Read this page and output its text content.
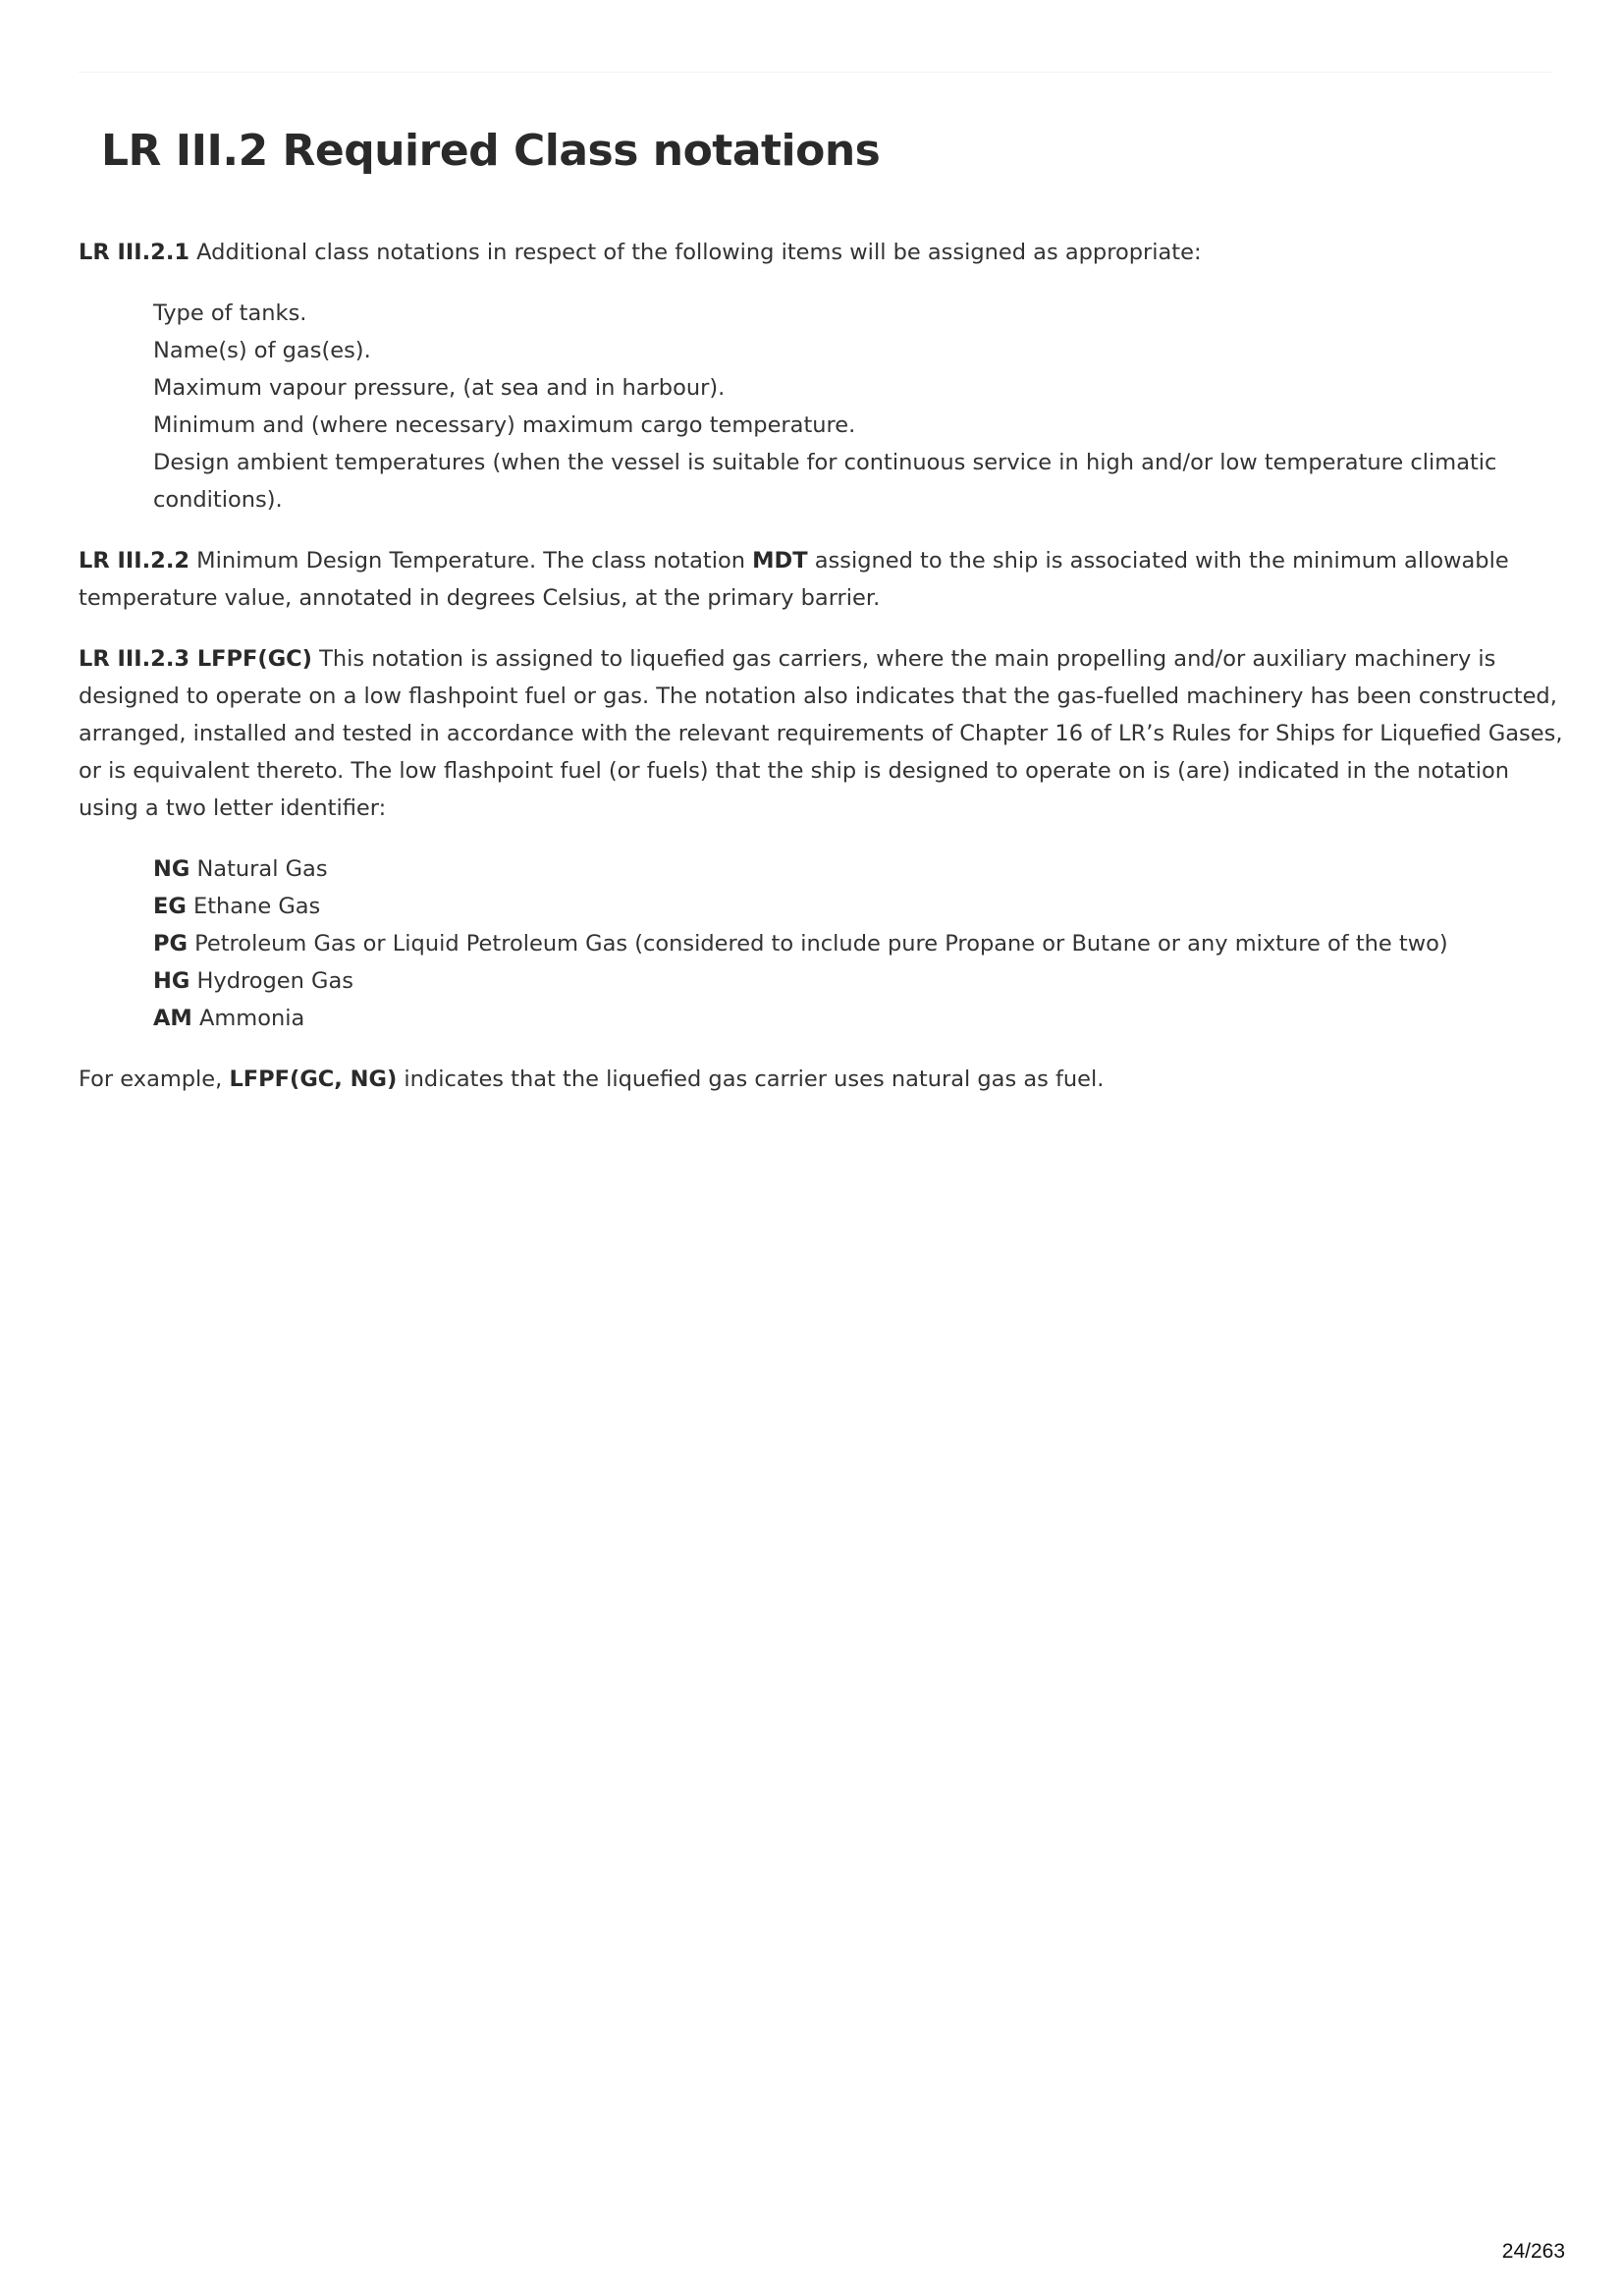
LR III.2 Required Class notations

LR III.2.1 Additional class notations in respect of the following items will be assigned as appropriate:

Type of tanks.
Name(s) of gas(es).
Maximum vapour pressure, (at sea and in harbour).
Minimum and (where necessary) maximum cargo temperature.
Design ambient temperatures (when the vessel is suitable for continuous service in high and/or low temperature climatic conditions).

LR III.2.2 Minimum Design Temperature. The class notation MDT assigned to the ship is associated with the minimum allowable temperature value, annotated in degrees Celsius, at the primary barrier.

LR III.2.3 LFPF(GC) This notation is assigned to liquefied gas carriers, where the main propelling and/or auxiliary machinery is designed to operate on a low flashpoint fuel or gas. The notation also indicates that the gas-fuelled machinery has been constructed, arranged, installed and tested in accordance with the relevant requirements of Chapter 16 of LR’s Rules for Ships for Liquefied Gases, or is equivalent thereto. The low flashpoint fuel (or fuels) that the ship is designed to operate on is (are) indicated in the notation using a two letter identifier:

NG Natural Gas
EG Ethane Gas
PG Petroleum Gas or Liquid Petroleum Gas (considered to include pure Propane or Butane or any mixture of the two)
HG Hydrogen Gas
AM Ammonia

For example, LFPF(GC, NG) indicates that the liquefied gas carrier uses natural gas as fuel.

24/263
